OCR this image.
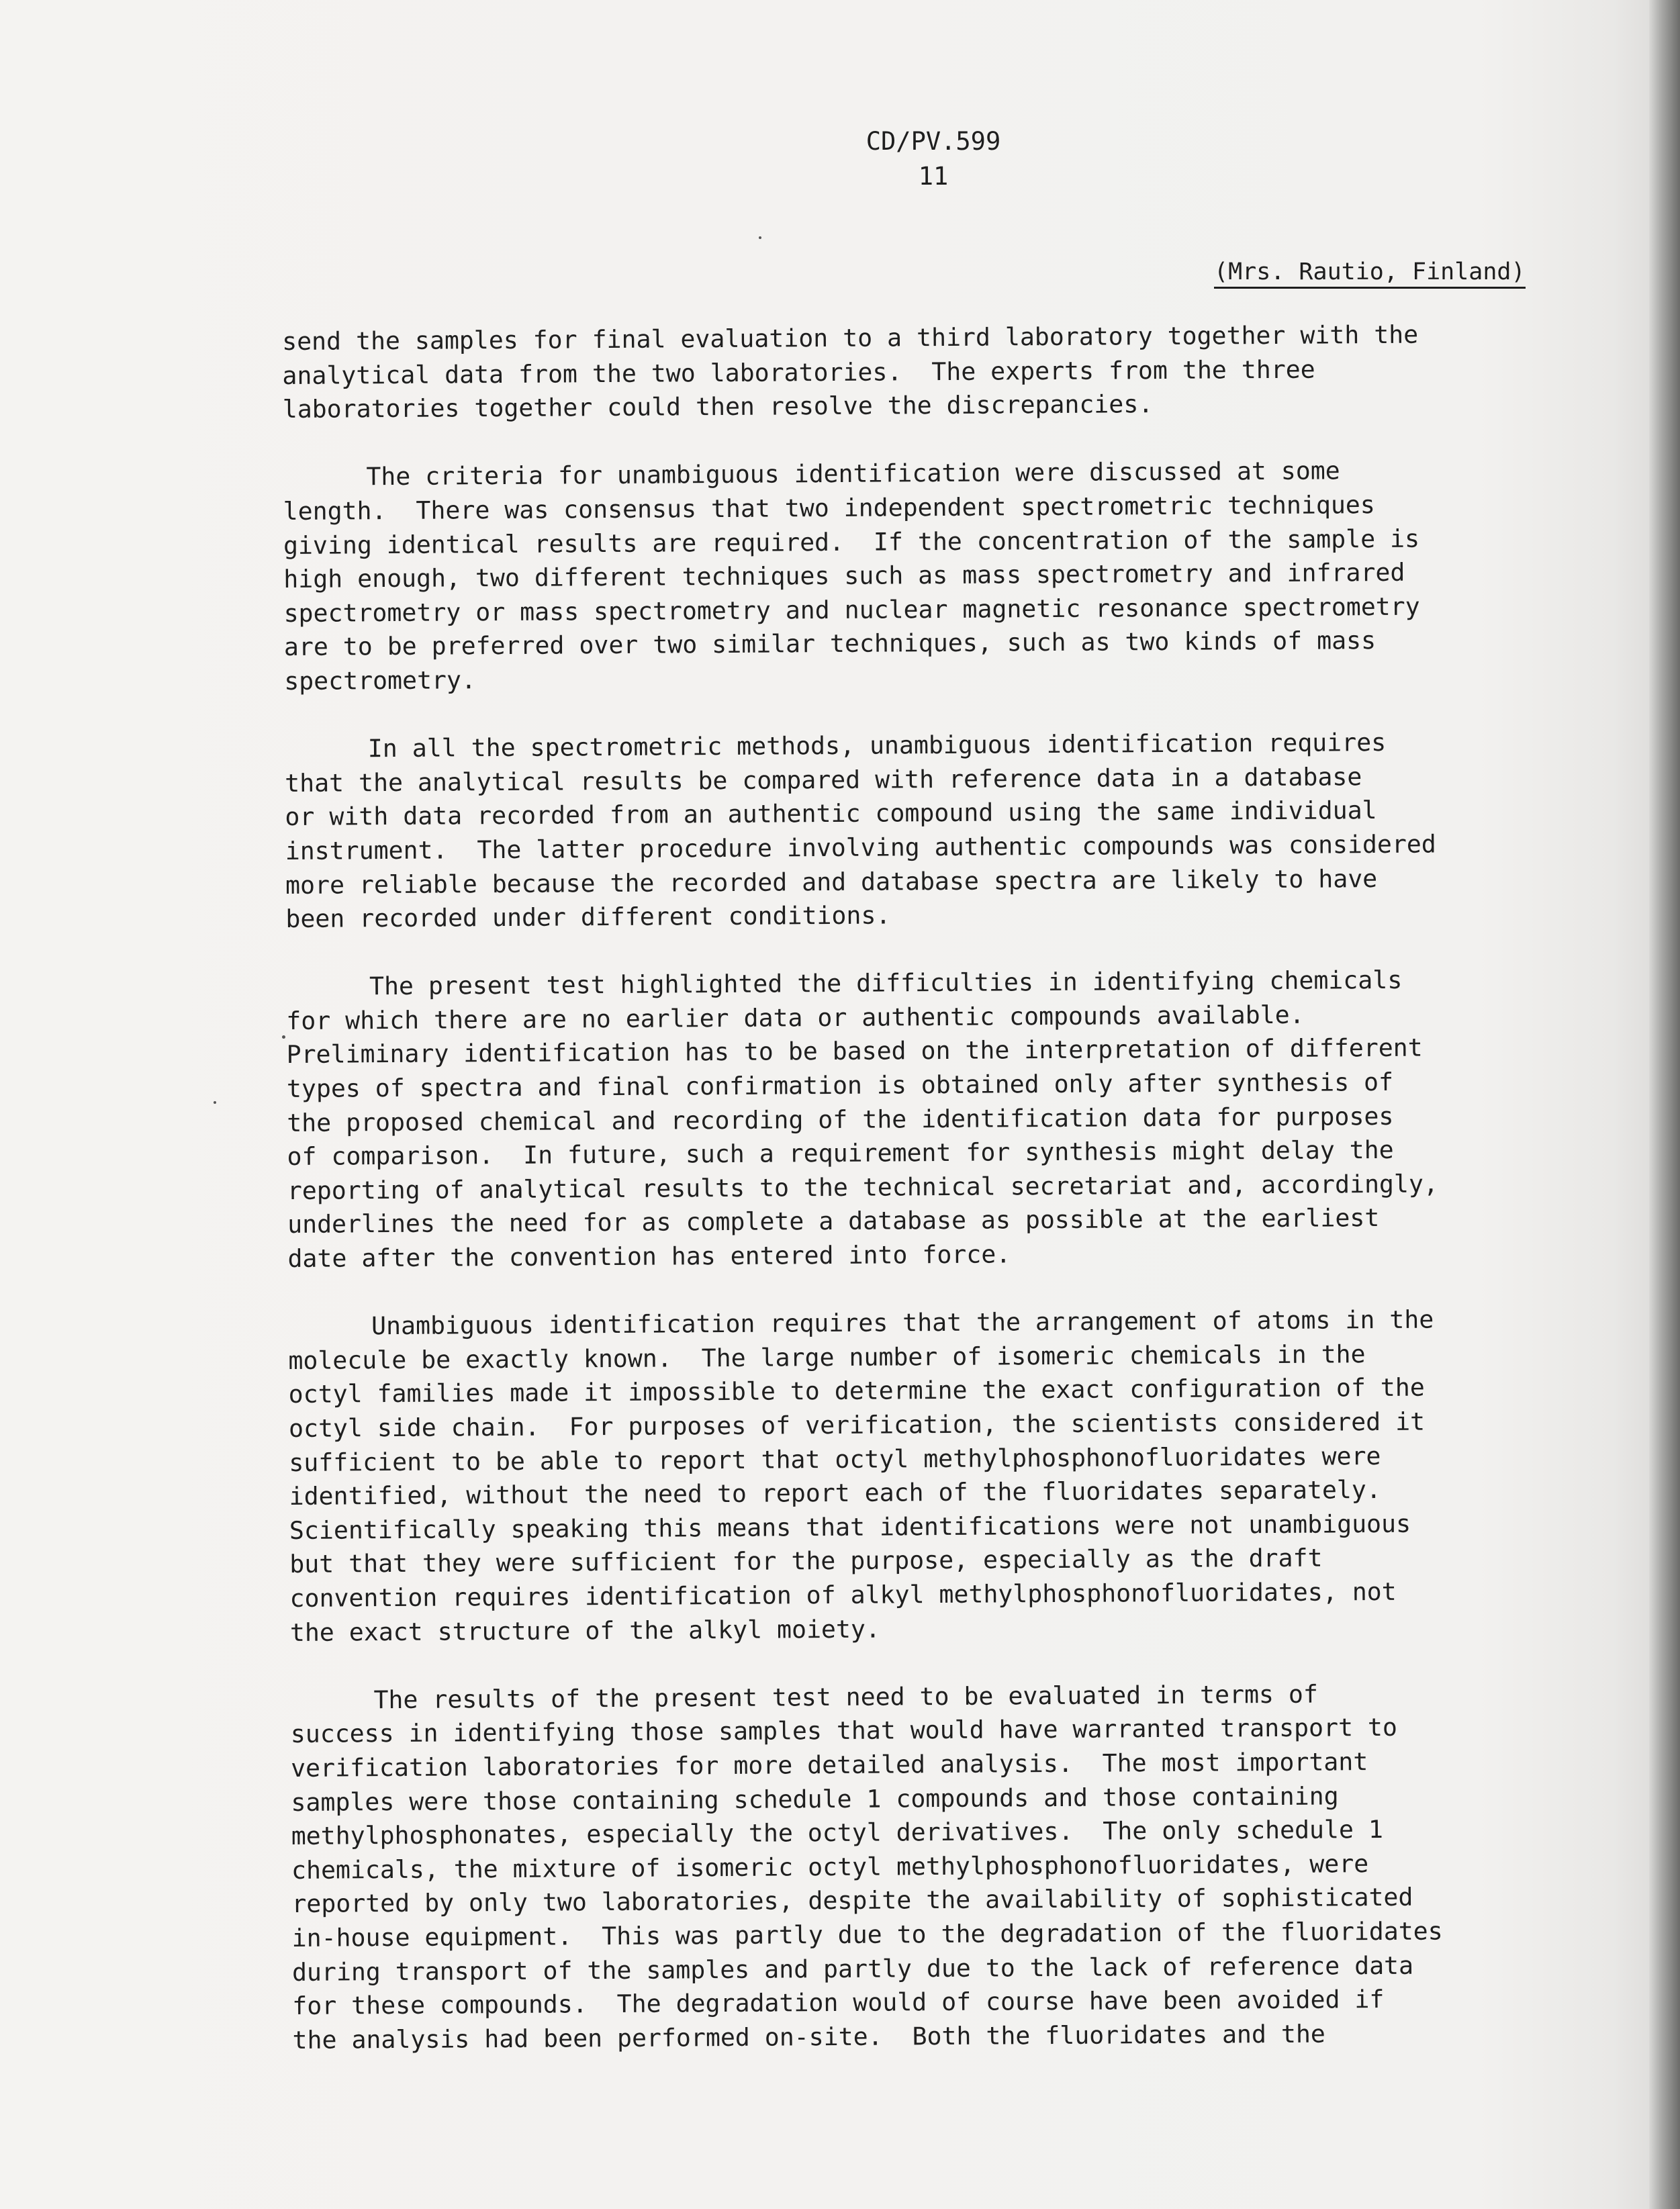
CD/PV.599
11
(Mrs. Rautio, Finland)
send the samples for final evaluation to a third laboratory together with the
analytical data from the two laboratories.  The experts from the three
laboratories together could then resolve the discrepancies.
The criteria for unambiguous identification were discussed at some
length.  There was consensus that two independent spectrometric techniques
giving identical results are required.  If the concentration of the sample is
high enough, two different techniques such as mass spectrometry and infrared
spectrometry or mass spectrometry and nuclear magnetic resonance spectrometry
are to be preferred over two similar techniques, such as two kinds of mass
spectrometry.
In all the spectrometric methods, unambiguous identification requires
that the analytical results be compared with reference data in a database
or with data recorded from an authentic compound using the same individual
instrument.  The latter procedure involving authentic compounds was considered
more reliable because the recorded and database spectra are likely to have
been recorded under different conditions.
The present test highlighted the difficulties in identifying chemicals
for which there are no earlier data or authentic compounds available.
Preliminary identification has to be based on the interpretation of different
types of spectra and final confirmation is obtained only after synthesis of
the proposed chemical and recording of the identification data for purposes
of comparison.  In future, such a requirement for synthesis might delay the
reporting of analytical results to the technical secretariat and, accordingly,
underlines the need for as complete a database as possible at the earliest
date after the convention has entered into force.
Unambiguous identification requires that the arrangement of atoms in the
molecule be exactly known.  The large number of isomeric chemicals in the
octyl families made it impossible to determine the exact configuration of the
octyl side chain.  For purposes of verification, the scientists considered it
sufficient to be able to report that octyl methylphosphonofluoridates were
identified, without the need to report each of the fluoridates separately.
Scientifically speaking this means that identifications were not unambiguous
but that they were sufficient for the purpose, especially as the draft
convention requires identification of alkyl methylphosphonofluoridates, not
the exact structure of the alkyl moiety.
The results of the present test need to be evaluated in terms of
success in identifying those samples that would have warranted transport to
verification laboratories for more detailed analysis.  The most important
samples were those containing schedule 1 compounds and those containing
methylphosphonates, especially the octyl derivatives.  The only schedule 1
chemicals, the mixture of isomeric octyl methylphosphonofluoridates, were
reported by only two laboratories, despite the availability of sophisticated
in-house equipment.  This was partly due to the degradation of the fluoridates
during transport of the samples and partly due to the lack of reference data
for these compounds.  The degradation would of course have been avoided if
the analysis had been performed on-site.  Both the fluoridates and the
